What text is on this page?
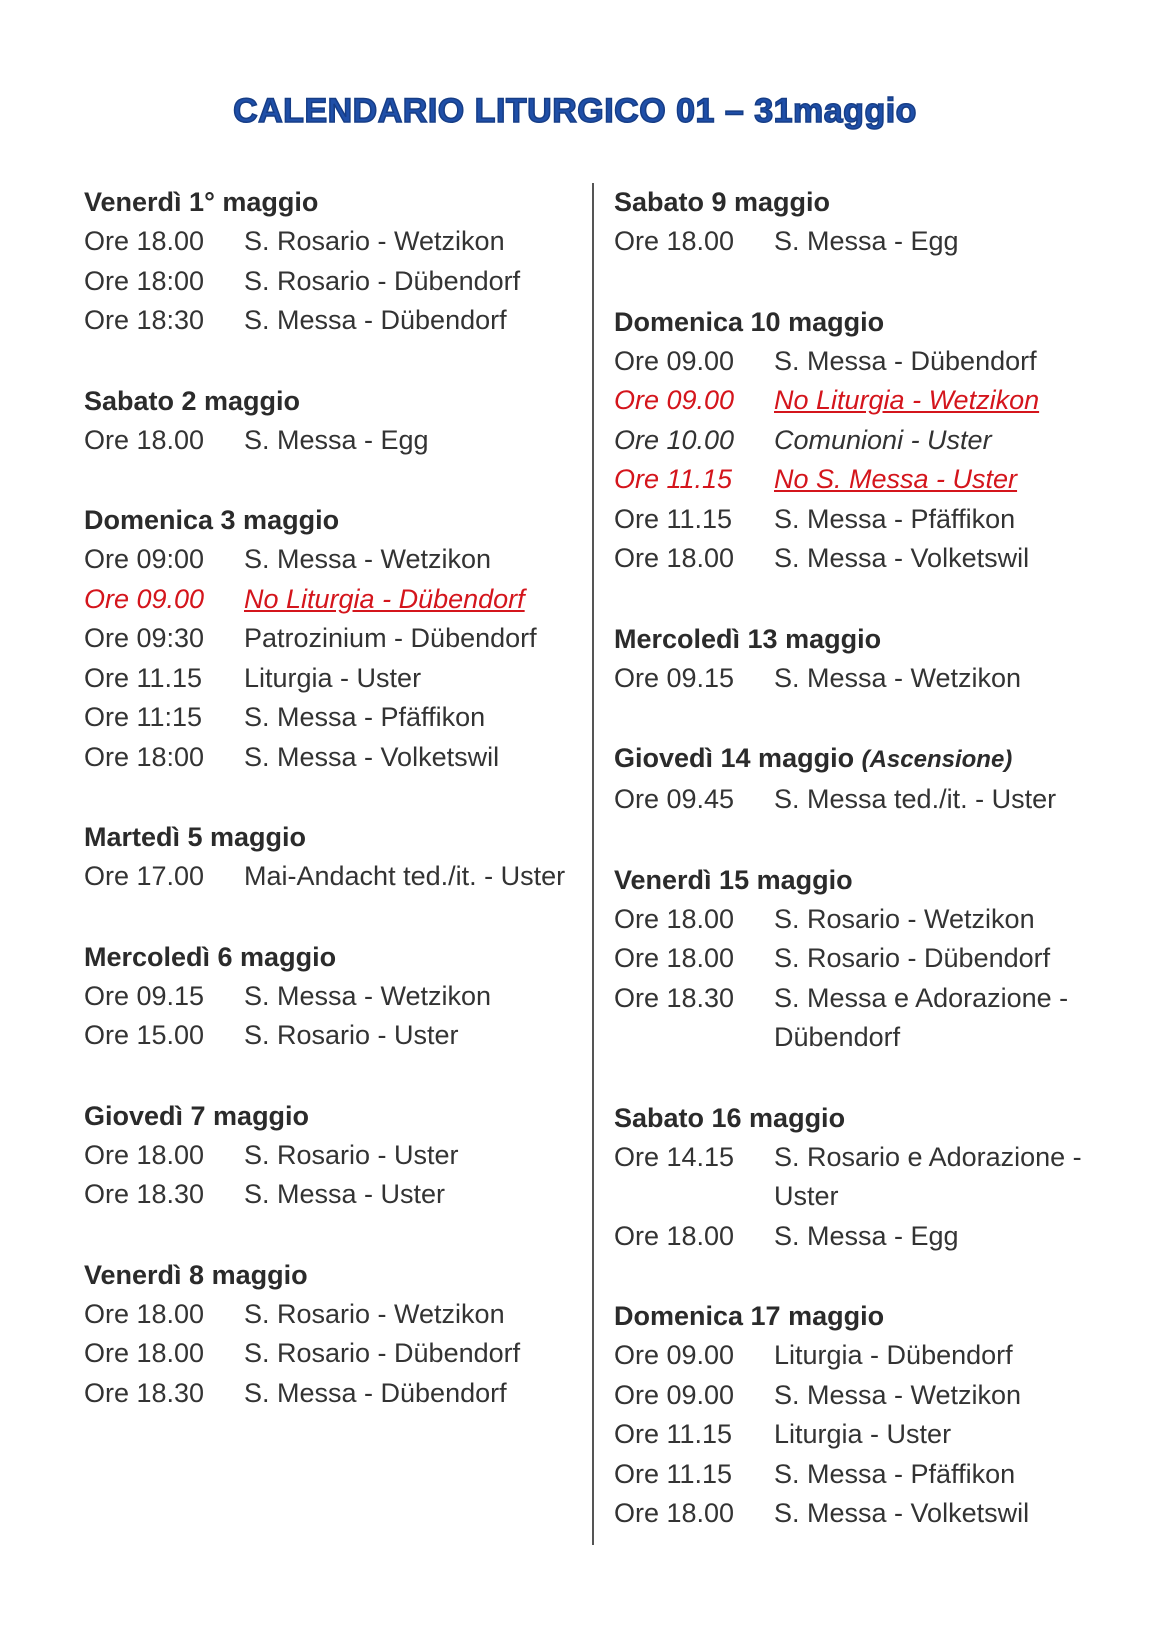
CALENDARIO LITURGICO 01 – 31maggio
Venerdì 1° maggio
Ore 18.00	S. Rosario - Wetzikon
Ore 18:00	S. Rosario - Dübendorf
Ore 18:30	S. Messa - Dübendorf
Sabato 2 maggio
Ore 18.00	S. Messa - Egg
Domenica 3 maggio
Ore 09:00	S. Messa - Wetzikon
Ore 09.00	No Liturgia - Dübendorf
Ore 09:30	Patrozinium - Dübendorf
Ore 11.15	Liturgia - Uster
Ore 11:15	S. Messa - Pfäffikon
Ore 18:00	S. Messa - Volketswil
Martedì 5 maggio
Ore 17.00	Mai-Andacht ted./it. - Uster
Mercoledì 6 maggio
Ore 09.15	S. Messa - Wetzikon
Ore 15.00	S. Rosario - Uster
Giovedì 7 maggio
Ore 18.00	S. Rosario - Uster
Ore 18.30	S. Messa - Uster
Venerdì 8 maggio
Ore 18.00	S. Rosario - Wetzikon
Ore 18.00	S. Rosario - Dübendorf
Ore 18.30	S. Messa - Dübendorf
Sabato 9 maggio
Ore 18.00	S. Messa - Egg
Domenica 10 maggio
Ore 09.00	S. Messa - Dübendorf
Ore 09.00	No Liturgia - Wetzikon
Ore 10.00	Comunioni - Uster
Ore 11.15	No S. Messa - Uster
Ore 11.15	S. Messa - Pfäffikon
Ore 18.00	S. Messa - Volketswil
Mercoledì 13 maggio
Ore 09.15	S. Messa - Wetzikon
Giovedì 14 maggio (Ascensione)
Ore 09.45	S. Messa ted./it. - Uster
Venerdì 15 maggio
Ore 18.00	S. Rosario - Wetzikon
Ore 18.00	S. Rosario - Dübendorf
Ore 18.30	S. Messa e Adorazione - Dübendorf
Sabato 16 maggio
Ore 14.15	S. Rosario e Adorazione - Uster
Ore 18.00	S. Messa - Egg
Domenica 17 maggio
Ore 09.00	Liturgia - Dübendorf
Ore 09.00	S. Messa - Wetzikon
Ore 11.15	Liturgia - Uster
Ore 11.15	S. Messa - Pfäffikon
Ore 18.00	S. Messa - Volketswil
